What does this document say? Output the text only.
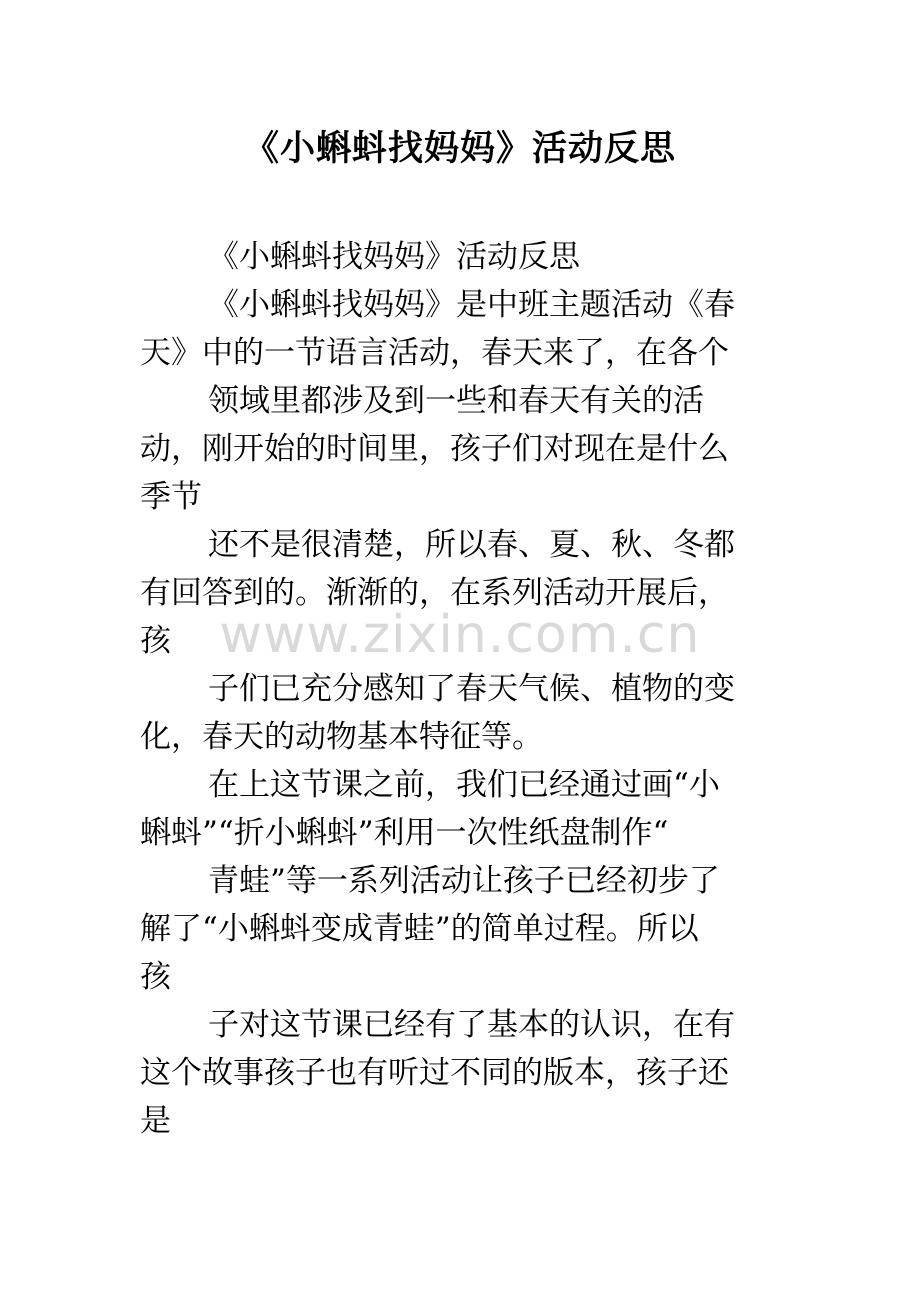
《小蝌蚪找妈妈》活动反思
《小蝌蚪找妈妈》活动反思
《小蝌蚪找妈妈》是中班主题活动《春
天》中的一节语言活动，春天来了，在各个
领域里都涉及到一些和春天有关的活
动，刚开始的时间里，孩子们对现在是什么
季节
还不是很清楚，所以春、夏、秋、冬都
有回答到的。渐渐的，在系列活动开展后，
孩
子们已充分感知了春天气候、植物的变
化，春天的动物基本特征等。
在上这节课之前，我们已经通过画“小
蝌蚪”“折小蝌蚪”利用一次性纸盘制作“
青蛙”等一系列活动让孩子已经初步了
解了“小蝌蚪变成青蛙”的简单过程。所以
孩
子对这节课已经有了基本的认识，在有
这个故事孩子也有听过不同的版本，孩子还
是
www.zixin.com.cn
